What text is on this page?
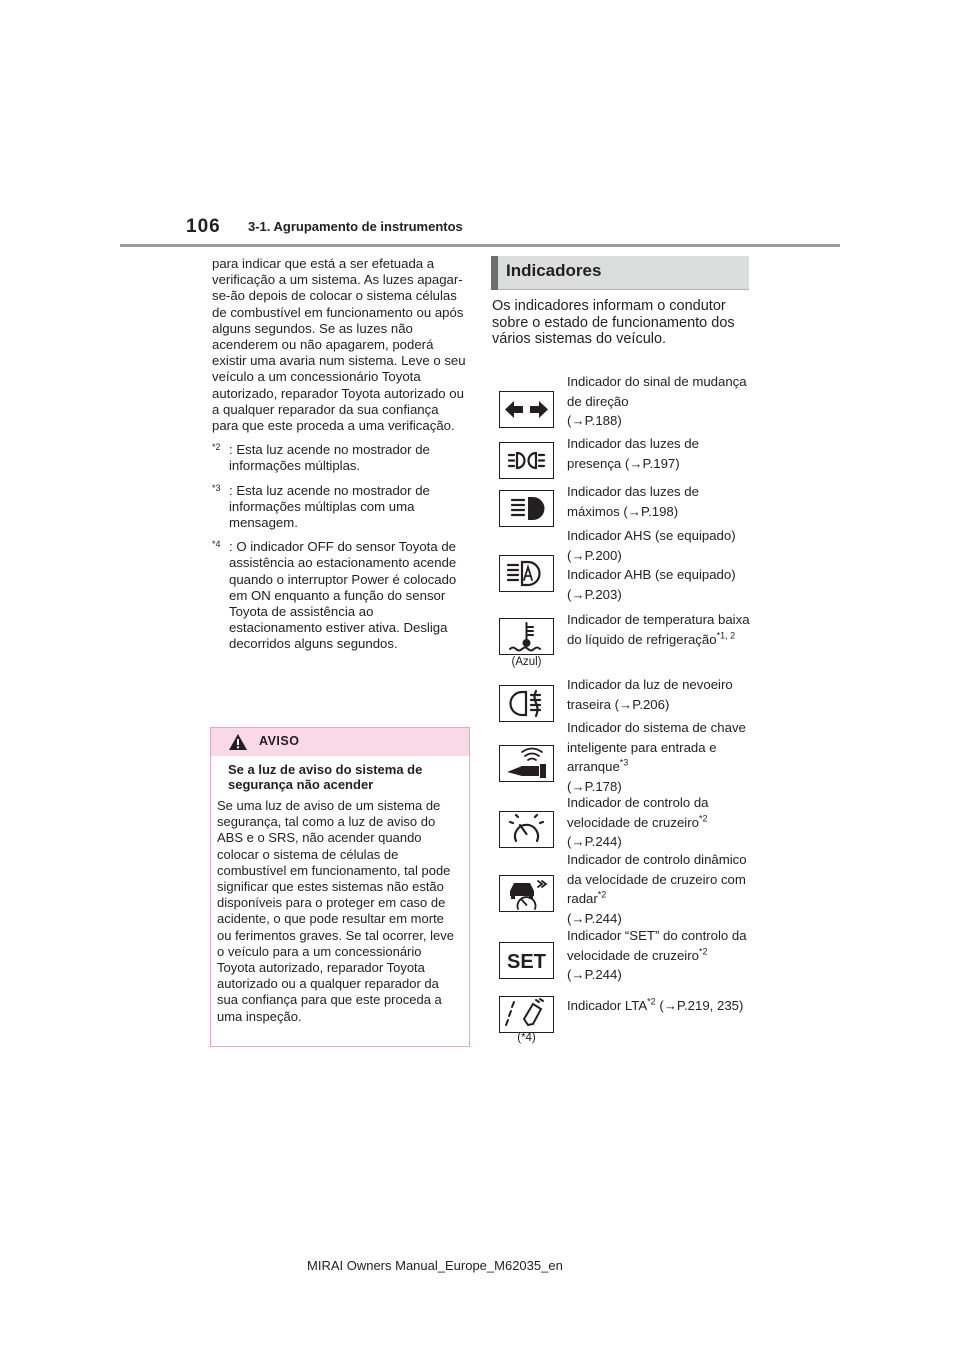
106 3-1. Agrupamento de instrumentos

para indicar que está a ser efetuada a verificação a um sistema. As luzes apagar-se-ão depois de colocar o sistema células de combustível em funcionamento ou após alguns segundos. Se as luzes não acenderem ou não apagarem, poderá existir uma avaria num sistema. Leve o seu veículo a um concessionário Toyota autorizado, reparador Toyota autorizado ou a qualquer reparador da sua confiança para que este proceda a uma verificação.

*2 : Esta luz acende no mostrador de informações múltiplas.

*3 : Esta luz acende no mostrador de informações múltiplas com uma mensagem.

*4 : O indicador OFF do sensor Toyota de assistência ao estacionamento acende quando o interruptor Power é colocado em ON enquanto a função do sensor Toyota de assistência ao estacionamento estiver ativa. Desliga decorridos alguns segundos.

AVISO
Se a luz de aviso do sistema de segurança não acender
Se uma luz de aviso de um sistema de segurança, tal como a luz de aviso do ABS e o SRS, não acender quando colocar o sistema de células de combustível em funcionamento, tal pode significar que estes sistemas não estão disponíveis para o proteger em caso de acidente, o que pode resultar em morte ou ferimentos graves. Se tal ocorrer, leve o veículo para a um concessionário Toyota autorizado, reparador Toyota autorizado ou a qualquer reparador da sua confiança para que este proceda a uma inspeção.
Indicadores
Os indicadores informam o condutor sobre o estado de funcionamento dos vários sistemas do veículo.
Indicador do sinal de mudança de direção
(→P.188)
Indicador das luzes de presença (→P.197)
Indicador das luzes de máximos (→P.198)
Indicador AHS (se equipado) (→P.200)
Indicador AHB (se equipado) (→P.203)
(Azul)
Indicador de temperatura baixa do líquido de refrigeração$^{*1, 2}$
Indicador da luz de nevoeiro traseira (→P.206)
Indicador do sistema de chave inteligente para entrada e arranque$^{*3}$
(→P.178)
Indicador de controlo da velocidade de cruzeiro$^{*2}$
(→P.244)
Indicador de controlo dinâmico da velocidade de cruzeiro com radar$^{*2}$
(→P.244)
SET
Indicador “SET” do controlo da velocidade de cruzeiro$^{*2}$
(→P.244)
(*4)
Indicador LTA$^{*2}$ (→P.219, 235)
MIRAI Owners Manual_Europe_M62035_en
